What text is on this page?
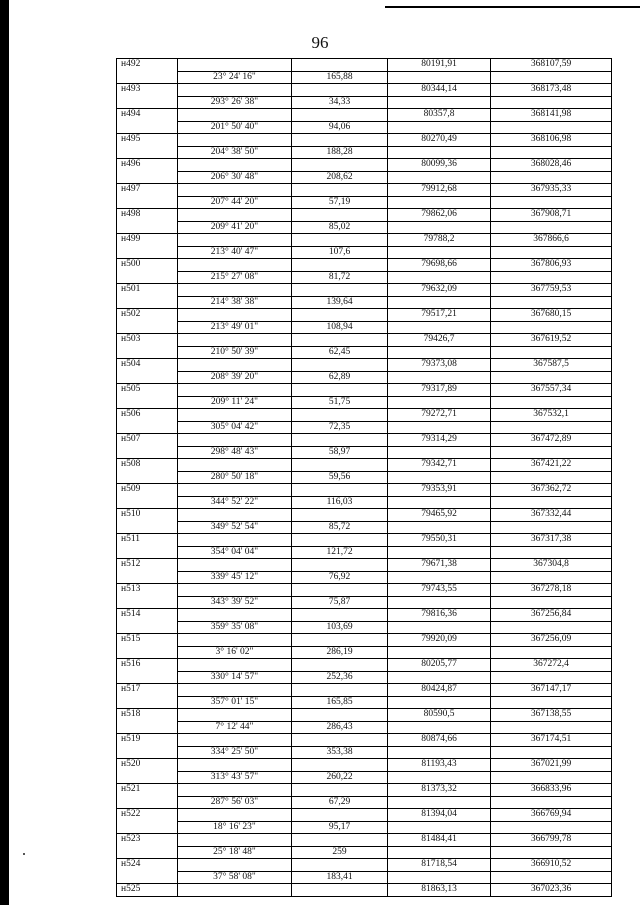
96
н492			80191,91	368107,59
	23° 24' 16"	165,88		
н493			80344,14	368173,48
	293° 26' 38"	34,33		
н494			80357,8	368141,98
	201° 50' 40"	94,06		
н495			80270,49	368106,98
	204° 38' 50"	188,28		
н496			80099,36	368028,46
	206° 30' 48"	208,62		
н497			79912,68	367935,33
	207° 44' 20"	57,19		
н498			79862,06	367908,71
	209° 41' 20"	85,02		
н499			79788,2	367866,6
	213° 40' 47"	107,6		
н500			79698,66	367806,93
	215° 27' 08"	81,72		
н501			79632,09	367759,53
	214° 38' 38"	139,64		
н502			79517,21	367680,15
	213° 49' 01"	108,94		
н503			79426,7	367619,52
	210° 50' 39"	62,45		
н504			79373,08	367587,5
	208° 39' 20"	62,89		
н505			79317,89	367557,34
	209° 11' 24"	51,75		
н506			79272,71	367532,1
	305° 04' 42"	72,35		
н507			79314,29	367472,89
	298° 48' 43"	58,97		
н508			79342,71	367421,22
	280° 50' 18"	59,56		
н509			79353,91	367362,72
	344° 52' 22"	116,03		
н510			79465,92	367332,44
	349° 52' 54"	85,72		
н511			79550,31	367317,38
	354° 04' 04"	121,72		
н512			79671,38	367304,8
	339° 45' 12"	76,92		
н513			79743,55	367278,18
	343° 39' 52"	75,87		
н514			79816,36	367256,84
	359° 35' 08"	103,69		
н515			79920,09	367256,09
	3° 16' 02"	286,19		
н516			80205,77	367272,4
	330° 14' 57"	252,36		
н517			80424,87	367147,17
	357° 01' 15"	165,85		
н518			80590,5	367138,55
	7° 12' 44"	286,43		
н519			80874,66	367174,51
	334° 25' 50"	353,38		
н520			81193,43	367021,99
	313° 43' 57"	260,22		
н521			81373,32	366833,96
	287° 56' 03"	67,29		
н522			81394,04	366769,94
	18° 16' 23"	95,17		
н523			81484,41	366799,78
	25° 18' 48"	259		
н524			81718,54	366910,52
	37° 58' 08"	183,41		
н525			81863,13	367023,36
